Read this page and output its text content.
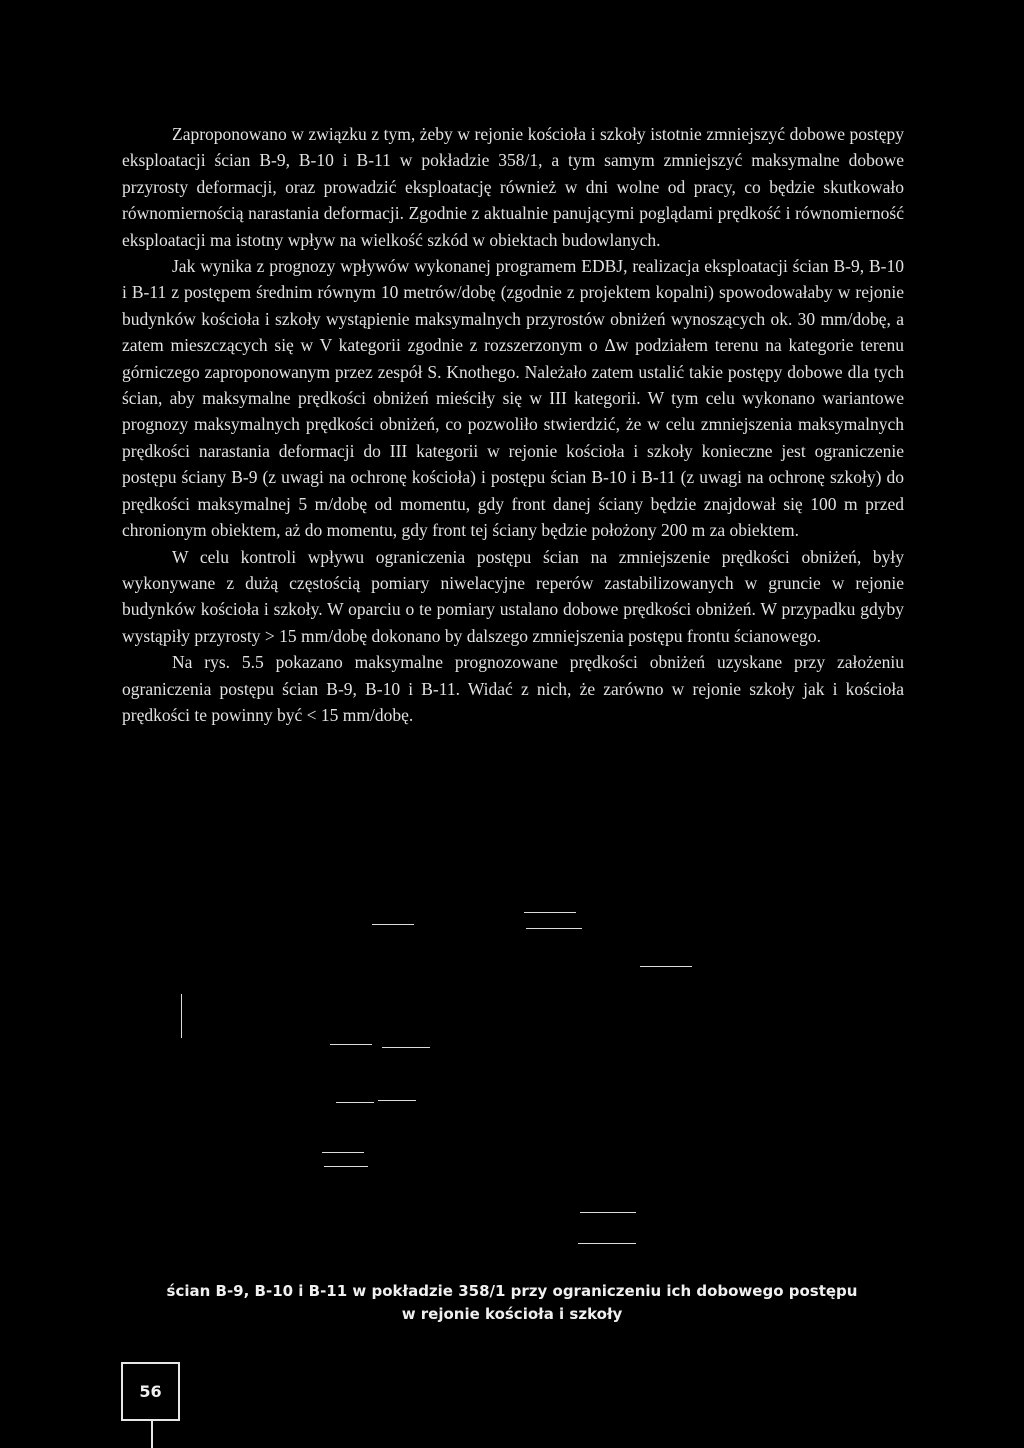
Zaproponowano w związku z tym, żeby w rejonie kościoła i szkoły istotnie zmniejszyć dobowe postępy eksploatacji ścian B-9, B-10 i B-11 w pokładzie 358/1, a tym samym zmniejszyć maksymalne dobowe przyrosty deformacji, oraz prowadzić eksploatację również w dni wolne od pracy, co będzie skutkowało równomiernością narastania deformacji. Zgodnie z aktualnie panującymi poglądami prędkość i równomierność eksploatacji ma istotny wpływ na wielkość szkód w obiektach budowlanych.

Jak wynika z prognozy wpływów wykonanej programem EDBJ, realizacja eksploatacji ścian B-9, B-10 i B-11 z postępem średnim równym 10 metrów/dobę (zgodnie z projektem kopalni) spowodowałaby w rejonie budynków kościoła i szkoły wystąpienie maksymalnych przyrostów obniżeń wynoszących ok. 30 mm/dobę, a zatem mieszczących się w V kategorii zgodnie z rozszerzonym o Δw podziałem terenu na kategorie terenu górniczego zaproponowanym przez zespół S. Knothego. Należało zatem ustalić takie postępy dobowe dla tych ścian, aby maksymalne prędkości obniżeń mieściły się w III kategorii. W tym celu wykonano wariantowe prognozy maksymalnych prędkości obniżeń, co pozwoliło stwierdzić, że w celu zmniejszenia maksymalnych prędkości narastania deformacji do III kategorii w rejonie kościoła i szkoły konieczne jest ograniczenie postępu ściany B-9 (z uwagi na ochronę kościoła) i postępu ścian B-10 i B-11 (z uwagi na ochronę szkoły) do prędkości maksymalnej 5 m/dobę od momentu, gdy front danej ściany będzie znajdował się 100 m przed chronionym obiektem, aż do momentu, gdy front tej ściany będzie położony 200 m za obiektem.

W celu kontroli wpływu ograniczenia postępu ścian na zmniejszenie prędkości obniżeń, były wykonywane z dużą częstością pomiary niwelacyjne reperów zastabilizowanych w gruncie w rejonie budynków kościoła i szkoły. W oparciu o te pomiary ustalano dobowe prędkości obniżeń. W przypadku gdyby wystąpiły przyrosty > 15 mm/dobę dokonano by dalszego zmniejszenia postępu frontu ścianowego.

Na rys. 5.5 pokazano maksymalne prognozowane prędkości obniżeń uzyskane przy założeniu ograniczenia postępu ścian B-9, B-10 i B-11. Widać z nich, że zarówno w rejonie szkoły jak i kościoła prędkości te powinny być < 15 mm/dobę.

ścian B-9, B-10 i B-11 w pokładzie 358/1 przy ograniczeniu ich dobowego postępu
w rejonie kościoła i szkoły
56
